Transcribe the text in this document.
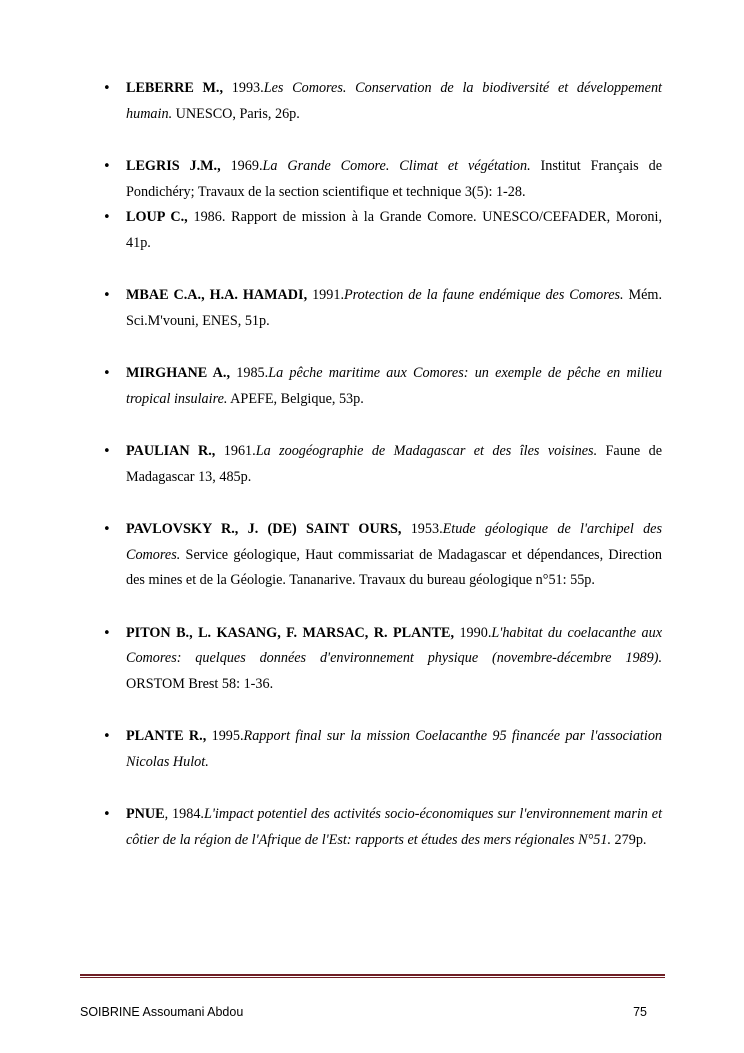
• LEBERRE M., 1993.Les Comores. Conservation de la biodiversité et développement humain. UNESCO, Paris, 26p.
• LEGRIS J.M., 1969.La Grande Comore. Climat et végétation. Institut Français de Pondichéry; Travaux de la section scientifique et technique 3(5): 1-28.
• LOUP C., 1986. Rapport de mission à la Grande Comore. UNESCO/CEFADER, Moroni, 41p.
• MBAE C.A., H.A. HAMADI, 1991.Protection de la faune endémique des Comores. Mém. Sci.M'vouni, ENES, 51p.
• MIRGHANE A., 1985.La pêche maritime aux Comores: un exemple de pêche en milieu tropical insulaire. APEFE, Belgique, 53p.
• PAULIAN R., 1961.La zoogéographie de Madagascar et des îles voisines. Faune de Madagascar 13, 485p.
• PAVLOVSKY R., J. (DE) SAINT OURS, 1953.Etude géologique de l'archipel des Comores. Service géologique, Haut commissariat de Madagascar et dépendances, Direction des mines et de la Géologie. Tananarive. Travaux du bureau géologique n°51: 55p.
• PITON B., L. KASANG, F. MARSAC, R. PLANTE, 1990.L'habitat du coelacanthe aux Comores: quelques données d'environnement physique (novembre-décembre 1989). ORSTOM Brest 58: 1-36.
• PLANTE R., 1995.Rapport final sur la mission Coelacanthe 95 financée par l'association Nicolas Hulot.
• PNUE, 1984.L'impact potentiel des activités socio-économiques sur l'environnement marin et côtier de la région de l'Afrique de l'Est: rapports et études des mers régionales N°51. 279p.
SOIBRINE Assoumani Abdou	75
